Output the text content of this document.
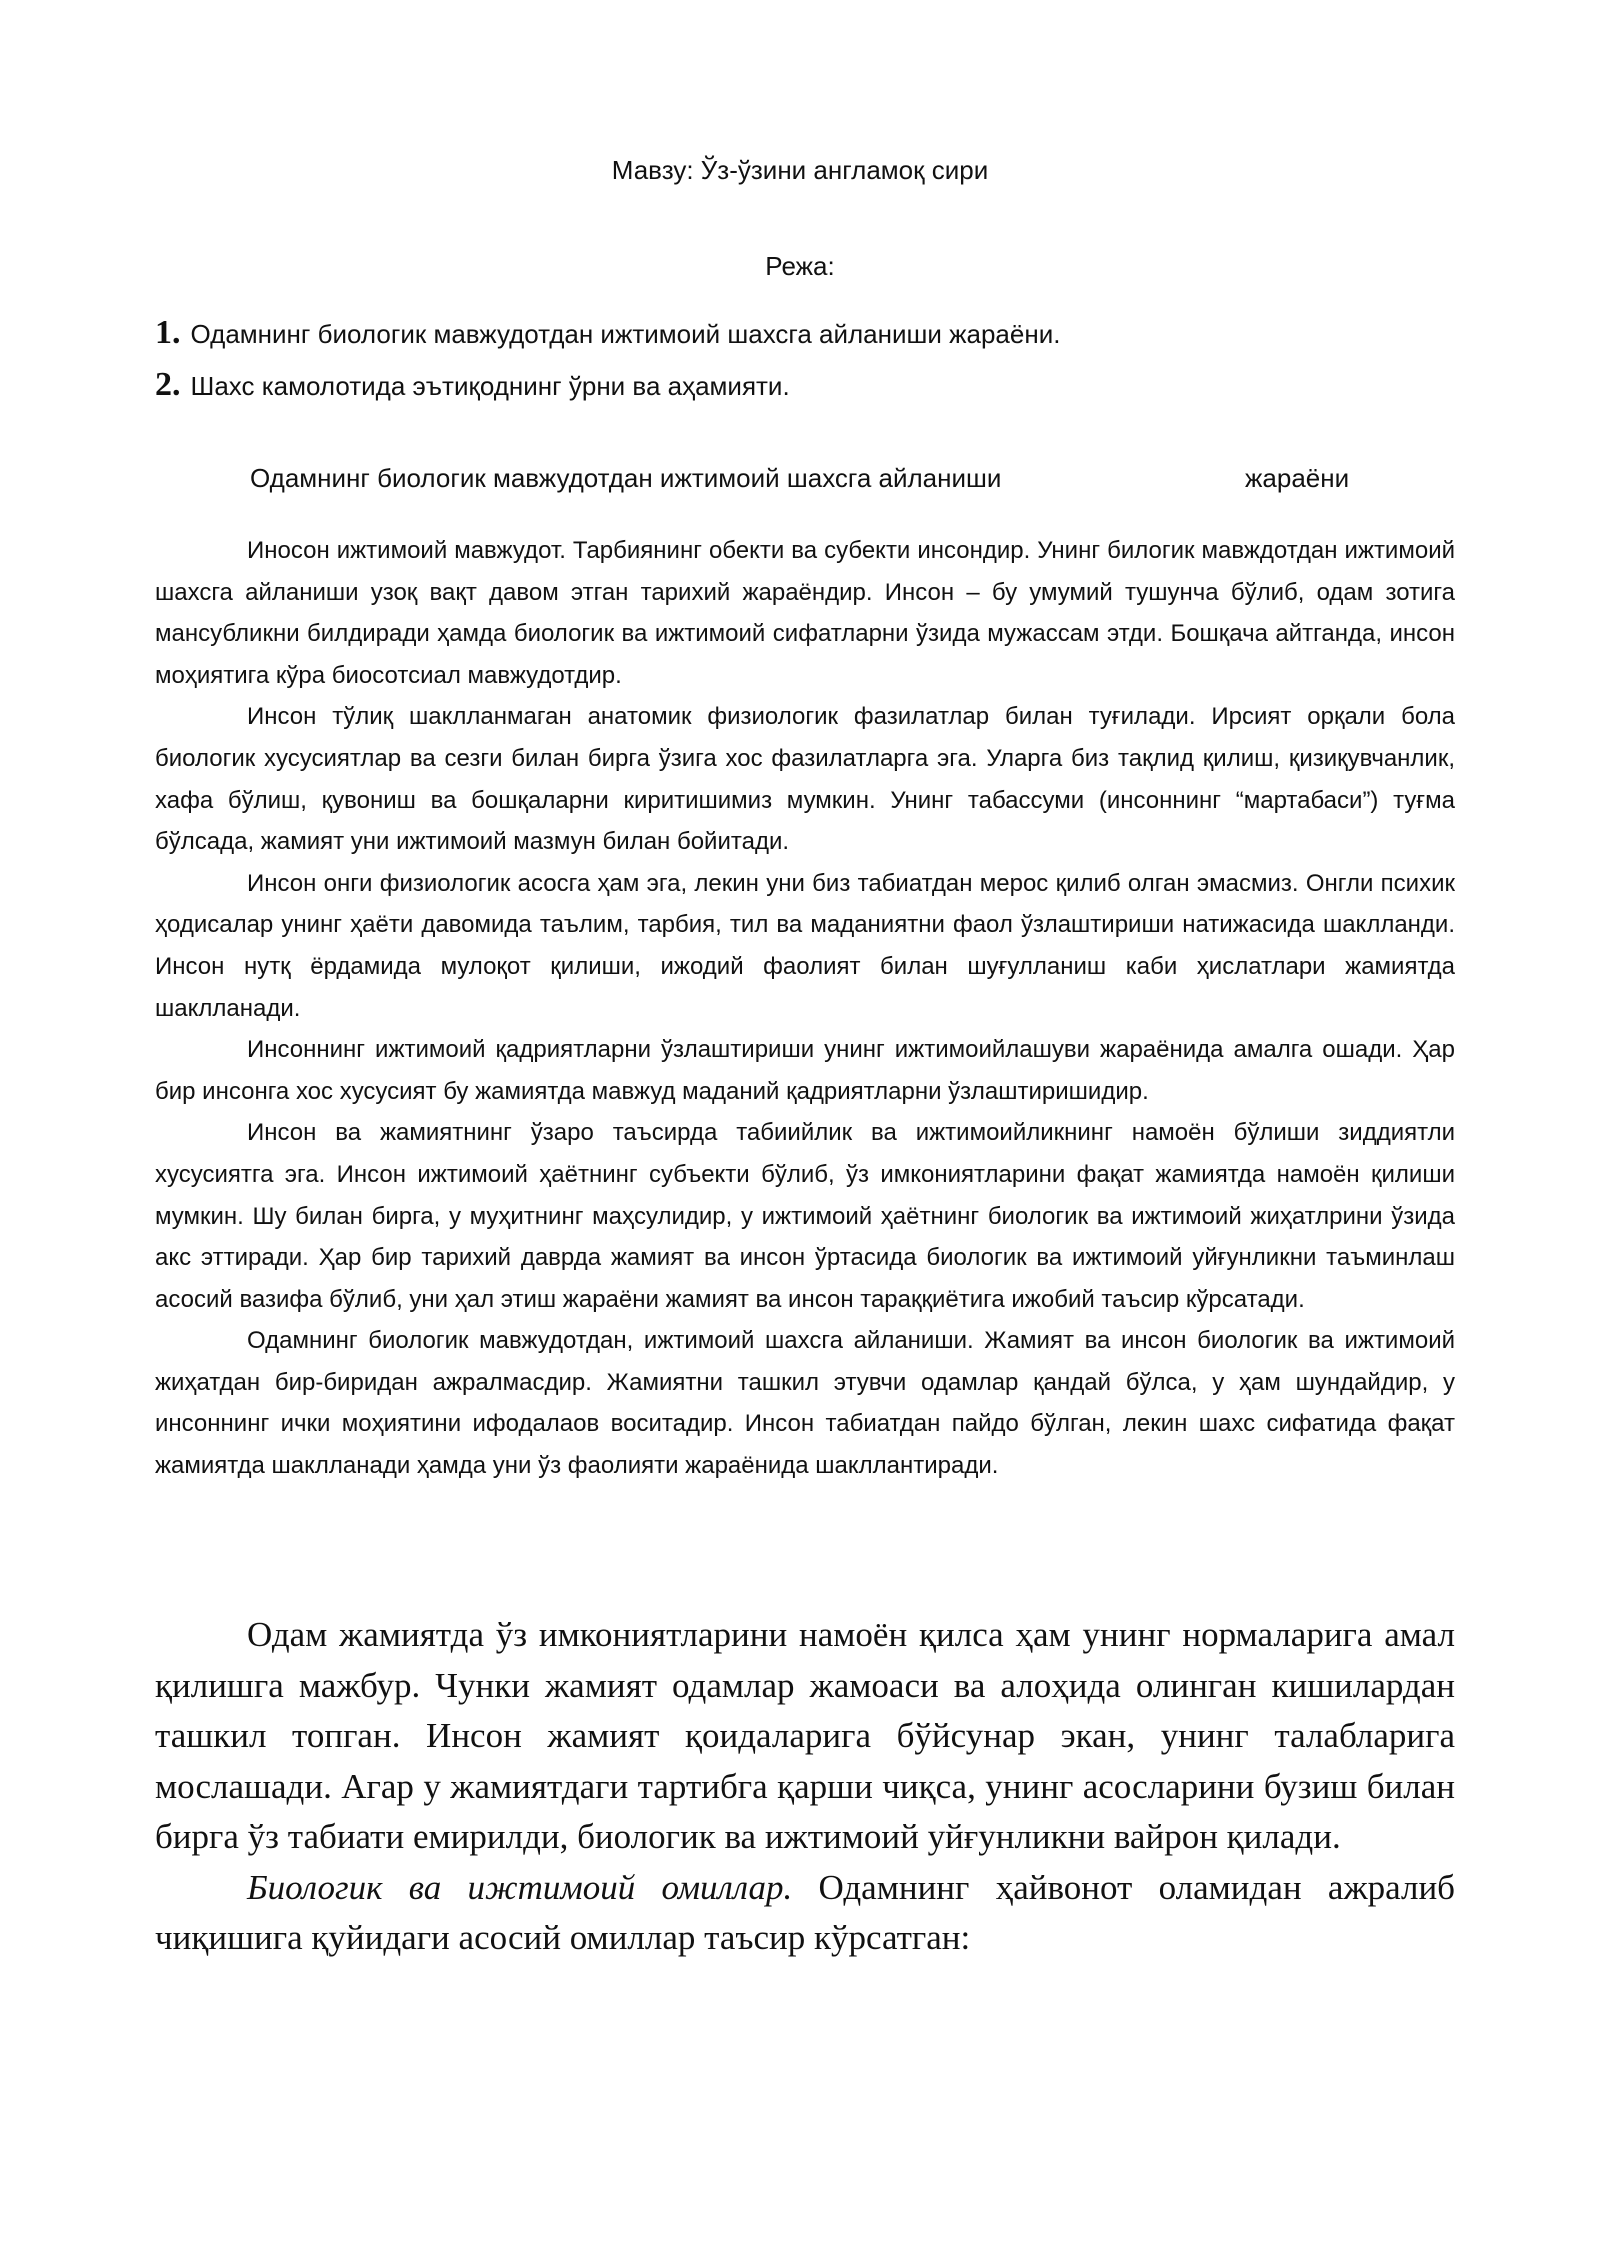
Мавзу: Ўз-ўзини англамоқ сири
Режа:
1. Одамнинг биологик мавжудотдан ижтимоий шахсга айланиши жараёни.
2. Шахс камолотида эътиқоднинг ўрни ва аҳамияти.
Одамнинг биологик мавжудотдан ижтимоий шахсга айланиши	жараёни

Иносон ижтимоий мавжудот. Тарбиянинг обекти ва субекти инсондир. Унинг билогик мавждотдан ижтимоий шахсга айланиши узоқ вақт давом этган тарихий жараёндир. Инсон – бу умумий тушунча бўлиб, одам зотига мансубликни билдиради ҳамда биологик ва ижтимоий сифатларни ўзида мужассам этди. Бошқача айтганда, инсон моҳиятига кўра биосотсиал мавжудотдир.

Инсон тўлиқ шаклланмаган анатомик физиологик фазилатлар билан туғилади. Ирсият орқали бола биологик хусусиятлар ва сезги билан бирга ўзига хос фазилатларга эга. Уларга биз тақлид қилиш, қизиқувчанлик, хафа бўлиш, қувониш ва бошқаларни киритишимиз мумкин. Унинг табассуми (инсоннинг “мартабаси”) туғма бўлсада, жамият уни ижтимоий мазмун билан бойитади.

Инсон онги физиологик асосга ҳам эга, лекин уни биз табиатдан мерос қилиб олган эмасмиз. Онгли психик ҳодисалар унинг ҳаёти давомида таълим, тарбия, тил ва маданиятни фаол ўзлаштириши натижасида шаклланди. Инсон нутқ ёрдамида мулоқот қилиши, ижодий фаолият билан шуғулланиш каби ҳислатлари жамиятда шаклланади.

Инсоннинг ижтимоий қадриятларни ўзлаштириши унинг ижтимоийлашуви жараёнида амалга ошади. Ҳар бир инсонга хос хусусият бу жамиятда мавжуд маданий қадриятларни ўзлаштиришидир.

Инсон ва жамиятнинг ўзаро таъсирда табиийлик ва ижтимоийликнинг намоён бўлиши зиддиятли хусусиятга эга. Инсон ижтимоий ҳаётнинг субъекти бўлиб, ўз имкониятларини фақат жамиятда намоён қилиши мумкин. Шу билан бирга, у муҳитнинг маҳсулидир, у ижтимоий ҳаётнинг биологик ва ижтимоий жиҳатлрини ўзида акс эттиради. Ҳар бир тарихий даврда жамият ва инсон ўртасида биологик ва ижтимоий уйғунликни таъминлаш асосий вазифа бўлиб, уни ҳал этиш жараёни жамият ва инсон тараққиётига ижобий таъсир кўрсатади.

Одамнинг биологик мавжудотдан, ижтимоий шахсга айланиши. Жамият ва инсон биологик ва ижтимоий жиҳатдан бир-биридан ажралмасдир. Жамиятни ташкил этувчи одамлар қандай бўлса, у ҳам шундайдир, у инсоннинг ички моҳиятини ифодалаов воситадир. Инсон табиатдан пайдо бўлган, лекин шахс сифатида фақат жамиятда шаклланади ҳамда уни ўз фаолияти жараёнида шакллантиради.

Одам жамиятда ўз имкониятларини намоён қилса ҳам унинг нормаларига амал қилишга мажбур. Чунки жамият одамлар жамоаси ва алоҳида олинган кишилардан ташкил топган. Инсон жамият қоидаларига бўйсунар экан, унинг талабларига мослашади. Агар у жамиятдаги тартибга қарши чиқса, унинг асосларини бузиш билан бирга ўз табиати емирилди, биологик ва ижтимоий уйғунликни вайрон қилади.

Биологик ва ижтимоий омиллар. Одамнинг ҳайвонот оламидан ажралиб чиқишига қуйидаги асосий омиллар таъсир кўрсатган:
